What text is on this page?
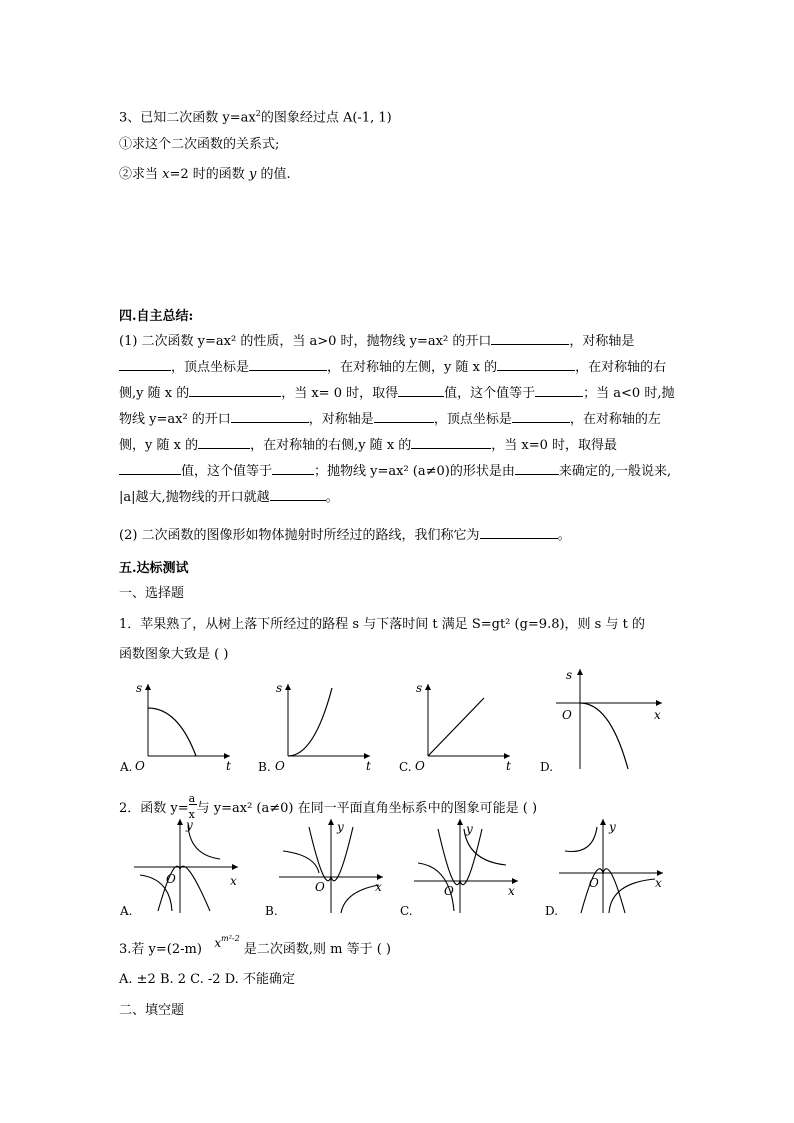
3、已知二次函数 $y=ax^2$的图象经过点 A(-1, 1)
①求这个二次函数的关系式;
②求当 x=2 时的函数 y 的值.
四.自主总结:
(1) 二次函数 y=ax² 的性质，当 a>0 时，抛物线 y=ax² 的开口	，对称轴是，顶点坐标是	，在对称轴的左侧，y 随 x 的	，在对称轴的右侧,y 随 x 的	，当 x= 0 时，取得	值，这个值等于	；当 a<0 时,抛物线 y=ax² 的开口	，对称轴是	，顶点坐标是	，在对称轴的左侧，y 随 x 的	，在对称轴的右侧,y 随 x 的	，当 x=0 时，取得最值，这个值等于	；抛物线 y=ax² (a≠0)的形状是由	来确定的,一般说来, |a|越大,抛物线的开口就越	。
(2) 二次函数的图像形如物体抛射时所经过的路线，我们称它为	。
五.达标测试
一、选择题
1．苹果熟了，从树上落下所经过的路程 s 与下落时间 t 满足 S=gt² (g=9.8)，则 s 与 t 的
函数图象大致是 ( )
s
t
O
A.
s
t
O
B.
s
t
O
C.
s
x
O
D.
2．函数 y=
$\frac{a}{x}$
与 y=ax² (a≠0) 在同一平面直角坐标系中的图象可能是 ( )
y
x
O
A.
y
x
O
B.
y
x
O
C.
y
x
O
D.
3.若 y=(2-m) $x^{m^2-2}$ 是二次函数,则 m 等于 ( )
A. ±2 B. 2 C. -2 D. 不能确定
二、填空题
